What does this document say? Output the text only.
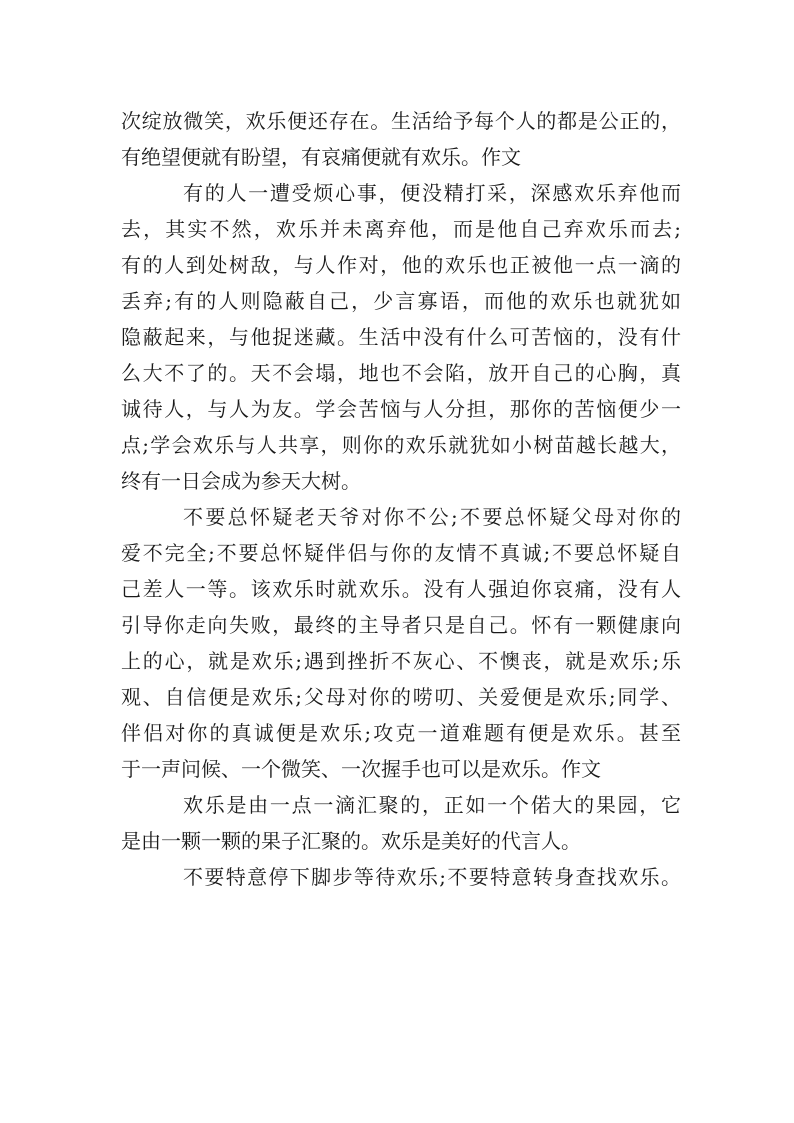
次绽放微笑，欢乐便还存在。生活给予每个人的都是公正的，
有绝望便就有盼望，有哀痛便就有欢乐。作文
有的人一遭受烦心事，便没精打采，深感欢乐弃他而
去，其实不然，欢乐并未离弃他，而是他自己弃欢乐而去;
有的人到处树敌，与人作对，他的欢乐也正被他一点一滴的
丢弃;有的人则隐蔽自己，少言寡语，而他的欢乐也就犹如
隐蔽起来，与他捉迷藏。生活中没有什么可苦恼的，没有什
么大不了的。天不会塌，地也不会陷，放开自己的心胸，真
诚待人，与人为友。学会苦恼与人分担，那你的苦恼便少一
点;学会欢乐与人共享，则你的欢乐就犹如小树苗越长越大，
终有一日会成为参天大树。
不要总怀疑老天爷对你不公;不要总怀疑父母对你的
爱不完全;不要总怀疑伴侣与你的友情不真诚;不要总怀疑自
己差人一等。该欢乐时就欢乐。没有人强迫你哀痛，没有人
引导你走向失败，最终的主导者只是自己。怀有一颗健康向
上的心，就是欢乐;遇到挫折不灰心、不懊丧，就是欢乐;乐
观、自信便是欢乐;父母对你的唠叨、关爱便是欢乐;同学、
伴侣对你的真诚便是欢乐;攻克一道难题有便是欢乐。甚至
于一声问候、一个微笑、一次握手也可以是欢乐。作文
欢乐是由一点一滴汇聚的，正如一个偌大的果园，它
是由一颗一颗的果子汇聚的。欢乐是美好的代言人。
不要特意停下脚步等待欢乐;不要特意转身查找欢乐。
